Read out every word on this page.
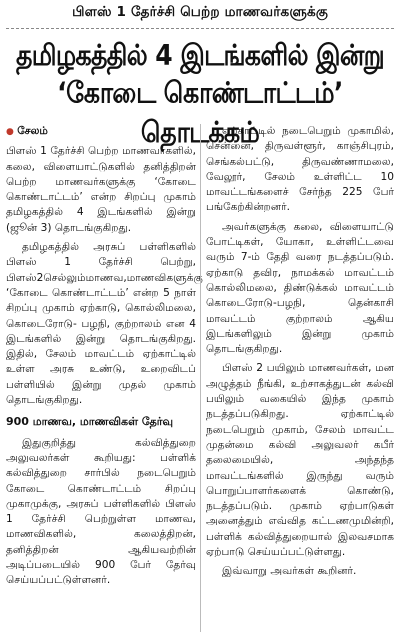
பிளஸ் 1 தேர்ச்சி பெற்ற மாணவர்களுக்கு
தமிழகத்தில் 4 இடங்களில் இன்று
‘கோடை கொண்டாட்டம்’ தொடக்கம்

● சேலம்

பிளஸ் 1 தேர்ச்சி பெற்ற மாணவர்களில், கலை, விளையாட்டுகளில் தனித்திறன் பெற்ற மாணவர்களுக்கு ‘கோடை கொண்டாட்டம்’ என்ற சிறப்பு முகாம் தமிழகத்தில் 4 இடங்களில் இன்று (ஜூன் 3) தொடங்குகிறது.

தமிழகத்தில் அரசுப் பள்ளிகளில் பிளஸ் 1 தேர்ச்சி பெற்று, பிளஸ்2செல்லும்மாணவ,மாணவிகளுக்கு ‘கோடை கொண்டாட்டம்’ என்ற 5 நாள் சிறப்பு முகாம் ஏற்காடு, கொல்லிமலை, கொடைரோடு- பழநி, குற்றாலம் என 4 இடங்களில் இன்று தொடங்குகிறது. இதில், சேலம் மாவட்டம் ஏற்காட்டில் உள்ள அரசு உண்டு, உறைவிடப் பள்ளியில் இன்று முதல் முகாம் தொடங்குகிறது.

900 மாணவ, மாணவிகள் தேர்வு

இதுகுறித்து கல்வித்துறை அலுவலர்கள் கூறியது: பள்ளிக் கல்வித்துறை சார்பில் நடைபெறும் கோடை கொண்டாட்டம் சிறப்பு முகாமுக்கு, அரசுப் பள்ளிகளில் பிளஸ் 1 தேர்ச்சி பெற்றுள்ள மாணவ, மாணவிகளில், கலைத்திறன், தனித்திறன் ஆகியவற்றின் அடிப்படையில் 900 பேர் தேர்வு செய்யப்பட்டுள்ளனர்.

ஏற்காட்டில் நடைபெறும் முகாமில், சென்னை, திருவள்ளூர், காஞ்சிபுரம், செங்கல்பட்டு, திருவண்ணாமலை, வேலூர், சேலம் உள்ளிட்ட 10 மாவட்டங்களைச் சேர்ந்த 225 பேர் பங்கேற்கின்றனர்.

அவர்களுக்கு கலை, விளையாட்டு போட்டிகள், யோகா, உள்ளிட்டவை வரும் 7-ம் தேதி வரை நடத்தப்படும். ஏற்காடு தவிர, நாமக்கல் மாவட்டம் கொல்லிமலை, திண்டுக்கல் மாவட்டம் கொடைரோடு-பழநி, தென்காசி மாவட்டம் குற்றாலம் ஆகிய இடங்களிலும் இன்று முகாம் தொடங்குகிறது.

பிளஸ் 2 பயிலும் மாணவர்கள், மன அழுத்தம் நீங்கி, உற்சாகத்துடன் கல்வி பயிலும் வகையில் இந்த முகாம் நடத்தப்படுகிறது. ஏற்காட்டில் நடைபெறும் முகாம், சேலம் மாவட்ட முதன்மை கல்வி அலுவலர் கபீர் தலைமையில், அந்தந்த மாவட்டங்களில் இருந்து வரும் பொறுப்பாளர்களைக் கொண்டு, நடத்தப்படும். முகாம் ஏற்பாடுகள் அனைத்தும் எவ்வித கட்டணமுமின்றி, பள்ளிக் கல்வித்துறையால் இலவசமாக ஏற்பாடு செய்யப்பட்டுள்ளது.

இவ்வாறு அவர்கள் கூறினர்.
